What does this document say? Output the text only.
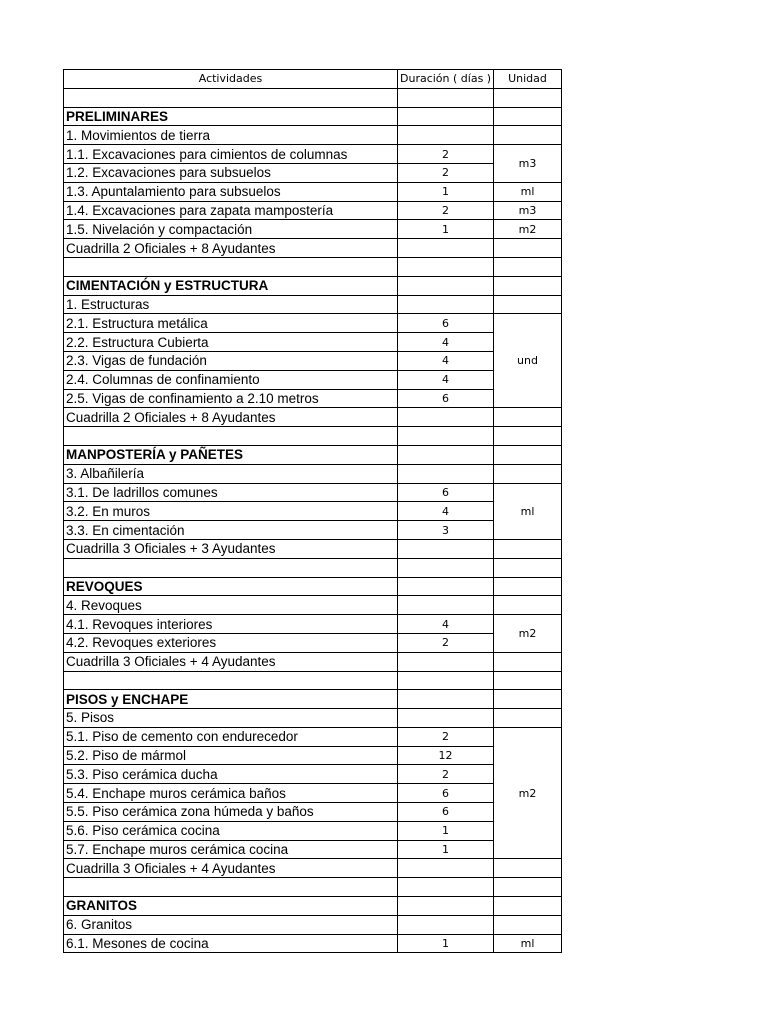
Actividades	Duración ( días )	Unidad

PRELIMINARES		
1. Movimientos de tierra		
1.1. Excavaciones para cimientos de columnas	2	m3
1.2. Excavaciones para subsuelos	2	
1.3. Apuntalamiento para subsuelos	1	ml
1.4. Excavaciones para zapata mampostería	2	m3
1.5. Nivelación y compactación	1	m2
Cuadrilla 2 Oficiales + 8 Ayudantes		

CIMENTACIÓN y ESTRUCTURA		
1. Estructuras		
2.1. Estructura metálica	6	und
2.2. Estructura Cubierta	4	
2.3. Vigas de fundación	4	
2.4. Columnas de confinamiento	4	
2.5. Vigas de confinamiento a 2.10 metros	6	
Cuadrilla 2 Oficiales + 8 Ayudantes		

MANPOSTERÍA y PAÑETES		
3. Albañilería		
3.1. De ladrillos comunes	6	ml
3.2. En muros	4	
3.3. En cimentación	3	
Cuadrilla 3 Oficiales + 3 Ayudantes		

REVOQUES		
4. Revoques		
4.1. Revoques interiores	4	m2
4.2. Revoques exteriores	2	
Cuadrilla 3 Oficiales + 4 Ayudantes		

PISOS y ENCHAPE		
5. Pisos		
5.1. Piso de cemento con endurecedor	2	m2
5.2. Piso de mármol	12	
5.3. Piso cerámica ducha	2	
5.4. Enchape muros cerámica baños	6	
5.5. Piso cerámica zona húmeda y baños	6	
5.6. Piso cerámica cocina	1	
5.7. Enchape muros cerámica cocina	1	
Cuadrilla 3 Oficiales + 4 Ayudantes		

GRANITOS		
6. Granitos		
6.1. Mesones de cocina	1	ml
